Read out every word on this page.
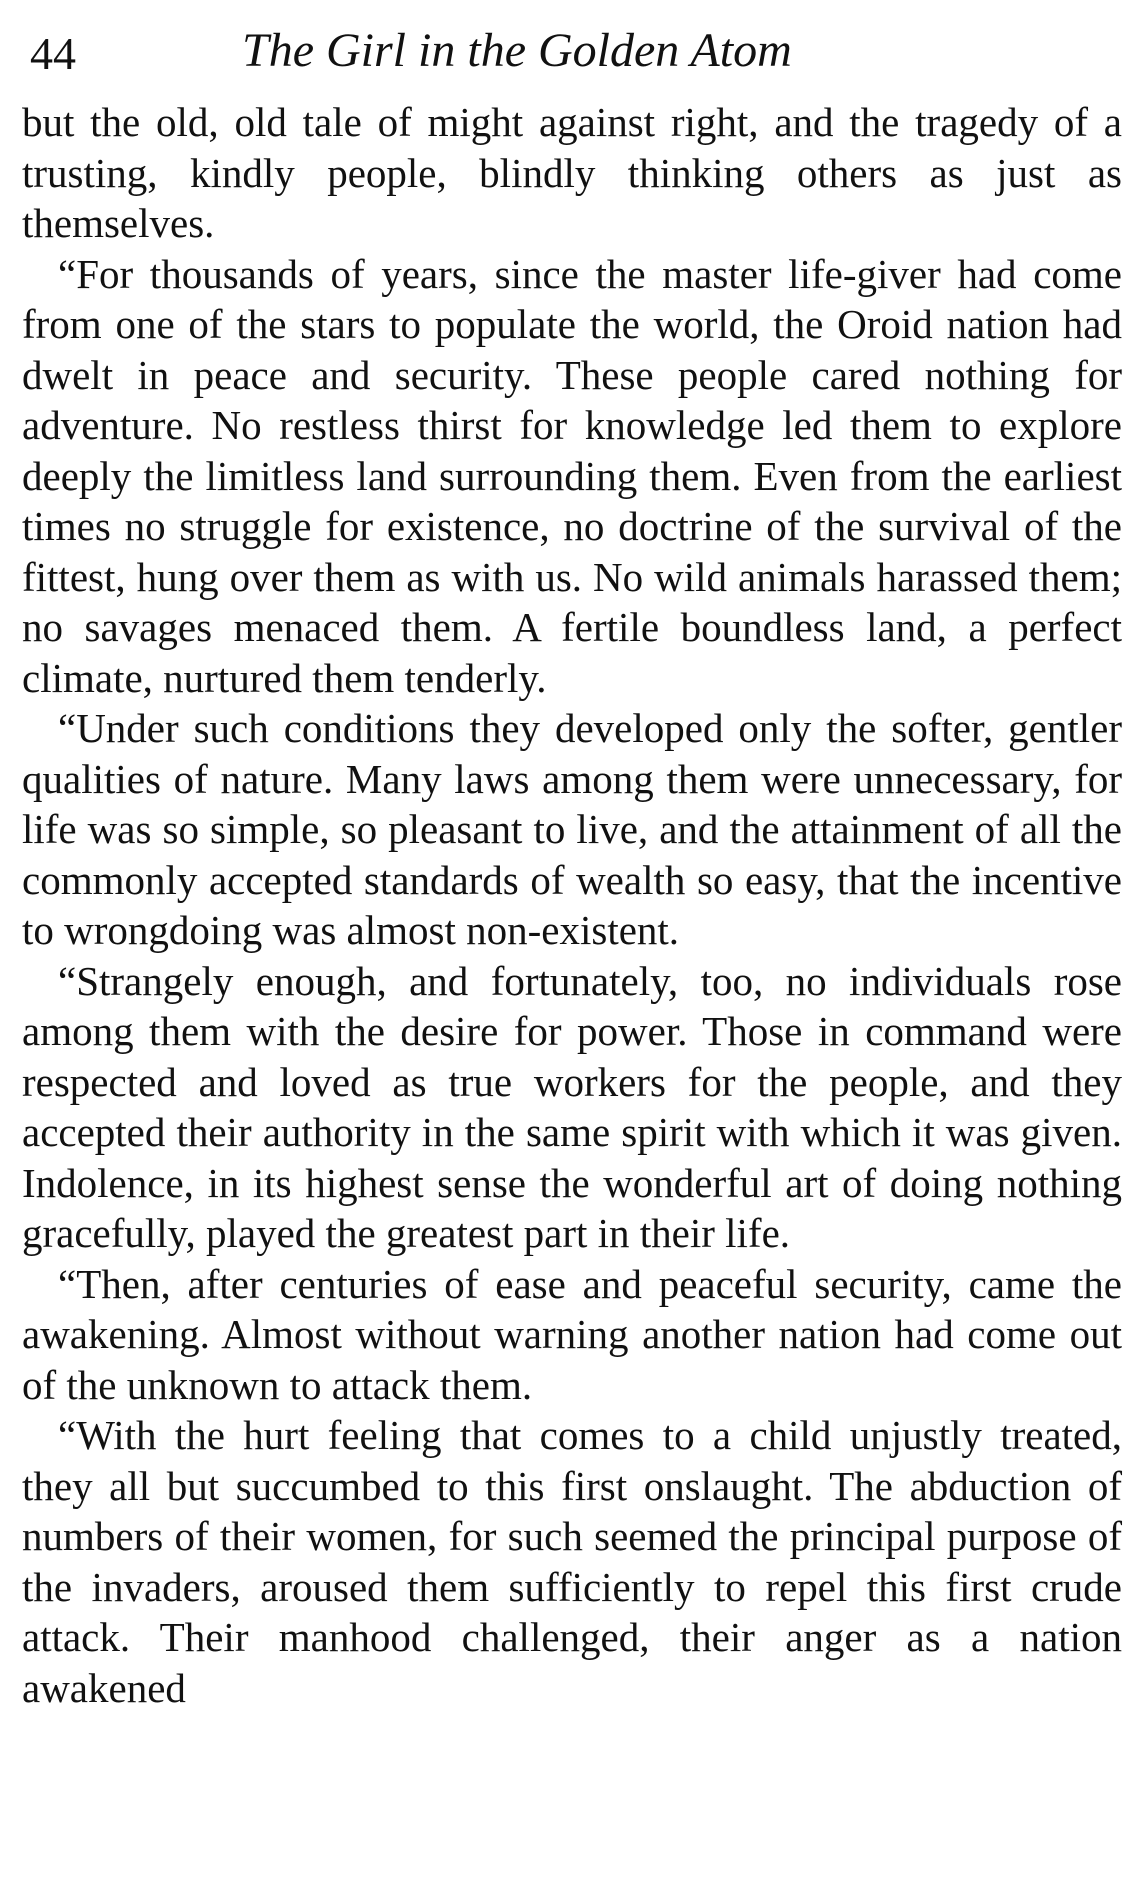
44	The Girl in the Golden Atom

but the old, old tale of might against right, and the tragedy of a trusting, kindly people, blindly thinking others as just as themselves.

“For thousands of years, since the master life-giver had come from one of the stars to populate the world, the Oroid nation had dwelt in peace and security. These people cared nothing for adventure. No restless thirst for knowledge led them to explore deeply the limitless land surrounding them. Even from the earliest times no struggle for existence, no doctrine of the survival of the fittest, hung over them as with us. No wild animals harassed them; no savages menaced them. A fertile boundless land, a perfect climate, nurtured them tenderly.

“Under such conditions they developed only the softer, gentler qualities of nature. Many laws among them were unnecessary, for life was so simple, so pleasant to live, and the attainment of all the commonly accepted standards of wealth so easy, that the incentive to wrongdoing was almost non-existent.

“Strangely enough, and fortunately, too, no individuals rose among them with the desire for power. Those in command were respected and loved as true workers for the people, and they accepted their authority in the same spirit with which it was given. Indolence, in its highest sense the wonderful art of doing nothing gracefully, played the greatest part in their life.

“Then, after centuries of ease and peaceful security, came the awakening. Almost without warning another nation had come out of the unknown to attack them.

“With the hurt feeling that comes to a child unjustly treated, they all but succumbed to this first onslaught. The abduction of numbers of their women, for such seemed the principal purpose of the invaders, aroused them sufficiently to repel this first crude attack. Their manhood challenged, their anger as a nation awakened
